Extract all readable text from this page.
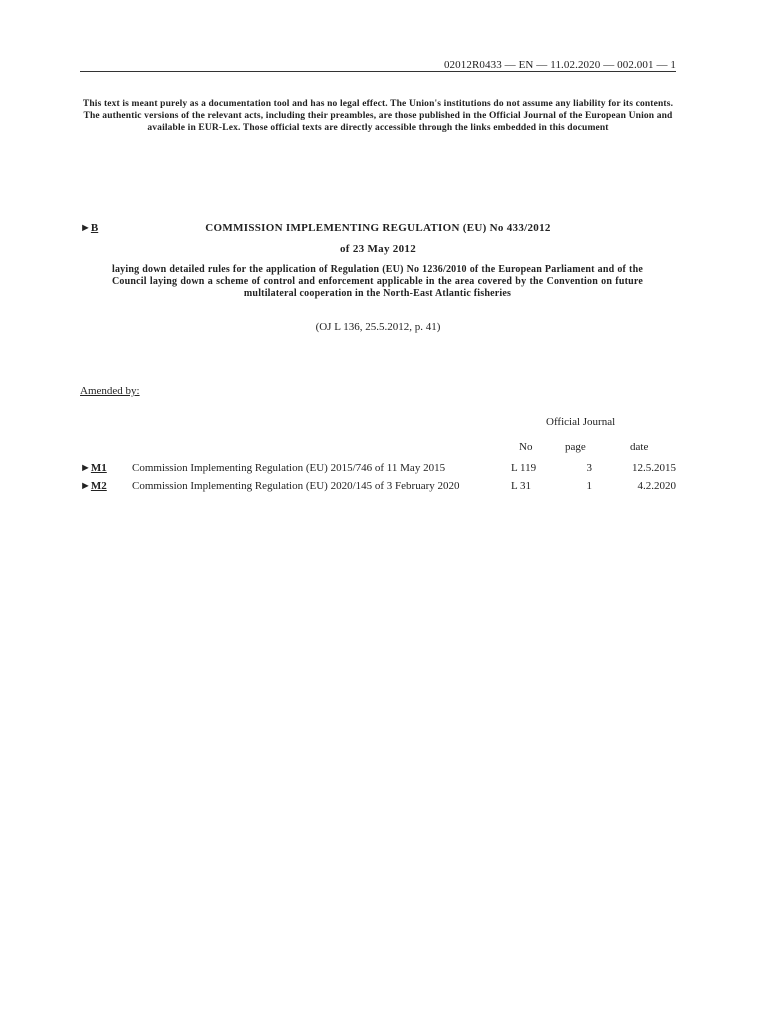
02012R0433 — EN — 11.02.2020 — 002.001 — 1
This text is meant purely as a documentation tool and has no legal effect. The Union's institutions do not assume any liability for its contents. The authentic versions of the relevant acts, including their preambles, are those published in the Official Journal of the European Union and available in EUR-Lex. Those official texts are directly accessible through the links embedded in this document
►B	COMMISSION IMPLEMENTING REGULATION (EU) No 433/2012
of 23 May 2012
laying down detailed rules for the application of Regulation (EU) No 1236/2010 of the European Parliament and of the Council laying down a scheme of control and enforcement applicable in the area covered by the Convention on future multilateral cooperation in the North-East Atlantic fisheries
(OJ L 136, 25.5.2012, p. 41)
Amended by:
Official Journal
No	page	date
►M1 Commission Implementing Regulation (EU) 2015/746 of 11 May 2015	L 119	3	12.5.2015
►M2 Commission Implementing Regulation (EU) 2020/145 of 3 February 2020	L 31	1	4.2.2020
